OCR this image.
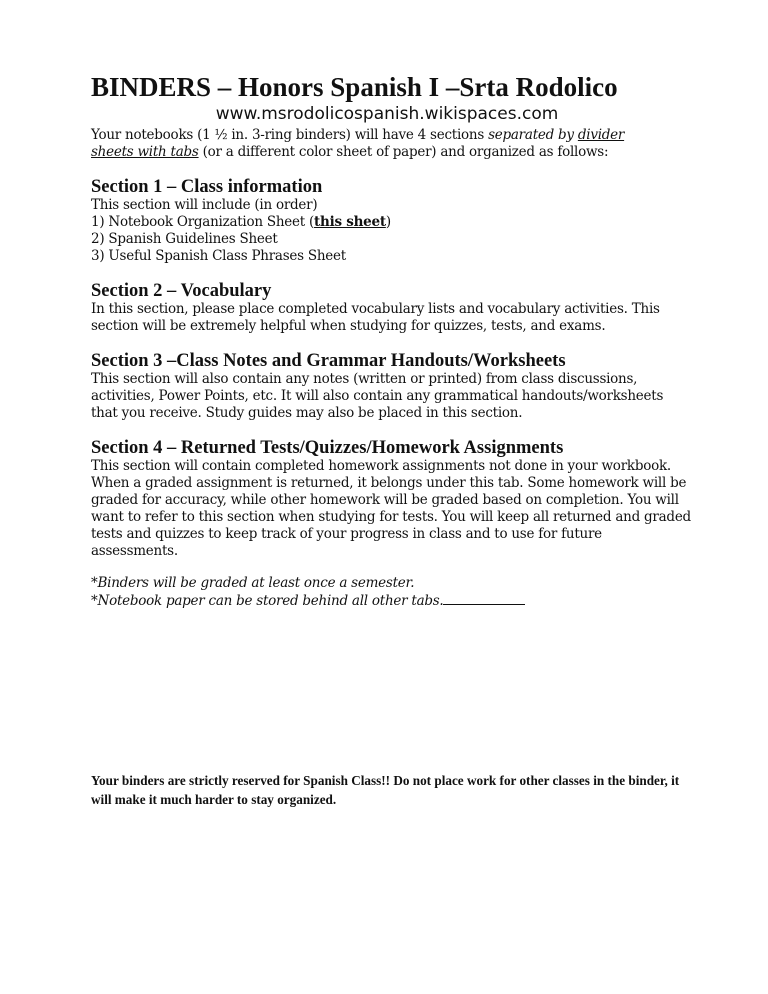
BINDERS – Honors Spanish I –Srta Rodolico
www.msrodolicospanish.wikispaces.com

Your notebooks (1 ½ in. 3-ring binders) will have 4 sections separated by divider
sheets with tabs (or a different color sheet of paper) and organized as follows:

Section 1 – Class information
This section will include (in order)
1) Notebook Organization Sheet (this sheet)
2) Spanish Guidelines Sheet
3) Useful Spanish Class Phrases Sheet
Section 2 – Vocabulary

In this section, please place completed vocabulary lists and vocabulary activities. This section will be extremely helpful when studying for quizzes, tests, and exams.

Section 3 –Class Notes and Grammar Handouts/Worksheets

This section will also contain any notes (written or printed) from class discussions, activities, Power Points, etc. It will also contain any grammatical handouts/worksheets that you receive. Study guides may also be placed in this section.

Section 4 – Returned Tests/Quizzes/Homework Assignments

This section will contain completed homework assignments not done in your workbook. When a graded assignment is returned, it belongs under this tab. Some homework will be graded for accuracy, while other homework will be graded based on completion. You will want to refer to this section when studying for tests. You will keep all returned and graded tests and quizzes to keep track of your progress in class and to use for future assessments.

*Binders will be graded at least once a semester.
*Notebook paper can be stored behind all other tabs.
Your binders are strictly reserved for Spanish Class!! Do not place work for other classes in the binder, it will make it much harder to stay organized.
